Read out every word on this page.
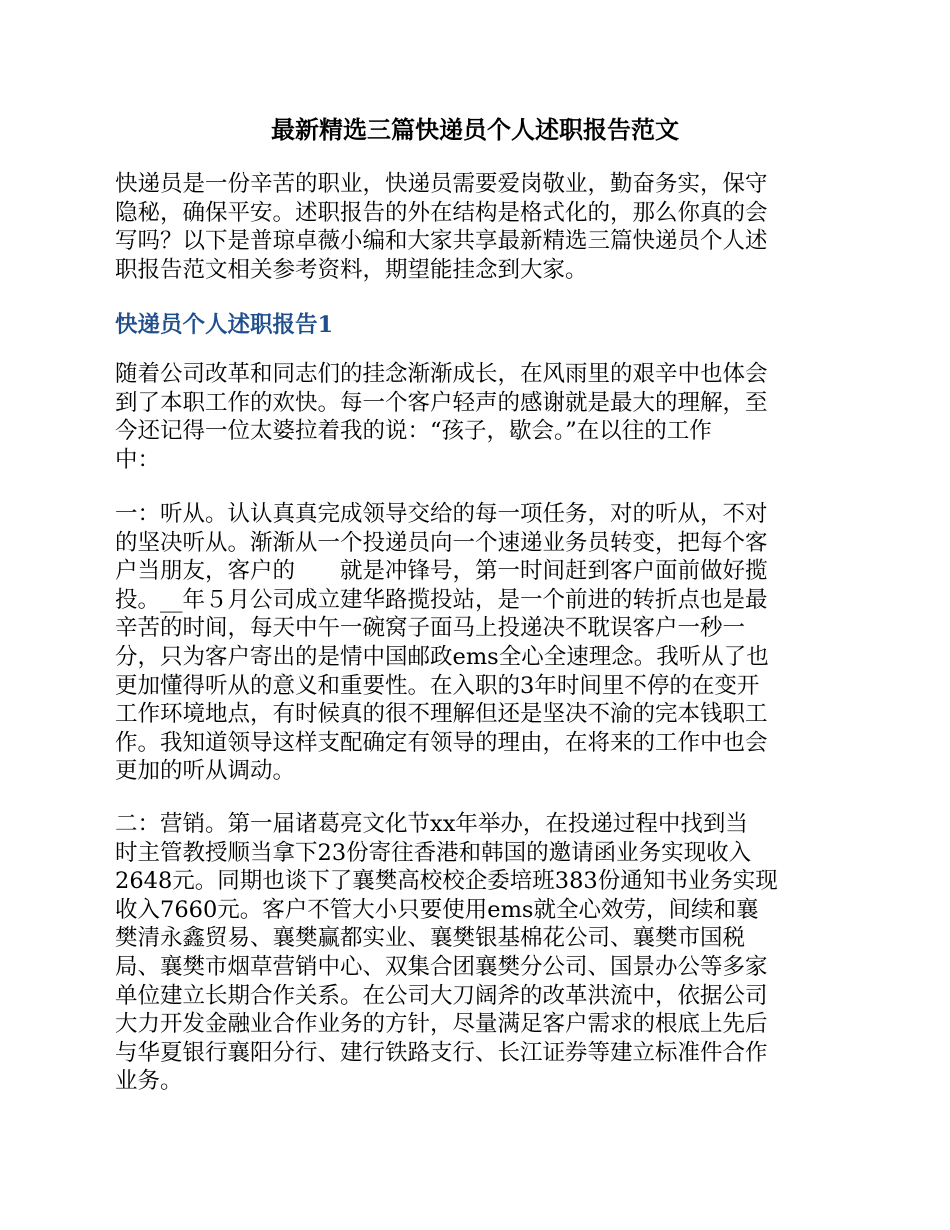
最新精选三篇快递员个人述职报告范文

快递员是一份辛苦的职业，快递员需要爱岗敬业，勤奋务实，保守
隐秘，确保平安。述职报告的外在结构是格式化的，那么你真的会
写吗？以下是普琼卓薇小编和大家共享最新精选三篇快递员个人述
职报告范文相关参考资料，期望能挂念到大家。

快递员个人述职报告1

随着公司改革和同志们的挂念渐渐成长，在风雨里的艰辛中也体会
到了本职工作的欢快。每一个客户轻声的感谢就是最大的理解，至
今还记得一位太婆拉着我的说：“孩子，歇会。”在以往的工作
中：

一：听从。认认真真完成领导交给的每一项任务，对的听从，不对
的坚决听从。渐渐从一个投递员向一个速递业务员转变，把每个客
户当朋友，客户的　　就是冲锋号，第一时间赶到客户面前做好揽
投。__年５月公司成立建华路揽投站，是一个前进的转折点也是最
辛苦的时间，每天中午一碗窝子面马上投递决不耽误客户一秒一
分，只为客户寄出的是情中国邮政ems全心全速理念。我听从了也
更加懂得听从的意义和重要性。在入职的3年时间里不停的在变开
工作环境地点，有时候真的很不理解但还是坚决不渝的完本钱职工
作。我知道领导这样支配确定有领导的理由，在将来的工作中也会
更加的听从调动。

二：营销。第一届诸葛亮文化节xx年举办，在投递过程中找到当
时主管教授顺当拿下23份寄往香港和韩国的邀请函业务实现收入
2648元。同期也谈下了襄樊高校校企委培班383份通知书业务实现
收入7660元。客户不管大小只要使用ems就全心效劳，间续和襄
樊清永鑫贸易、襄樊赢都实业、襄樊银基棉花公司、襄樊市国税
局、襄樊市烟草营销中心、双集合团襄樊分公司、国景办公等多家
单位建立长期合作关系。在公司大刀阔斧的改革洪流中，依据公司
大力开发金融业合作业务的方针，尽量满足客户需求的根底上先后
与华夏银行襄阳分行、建行铁路支行、长江证券等建立标准件合作
业务。
